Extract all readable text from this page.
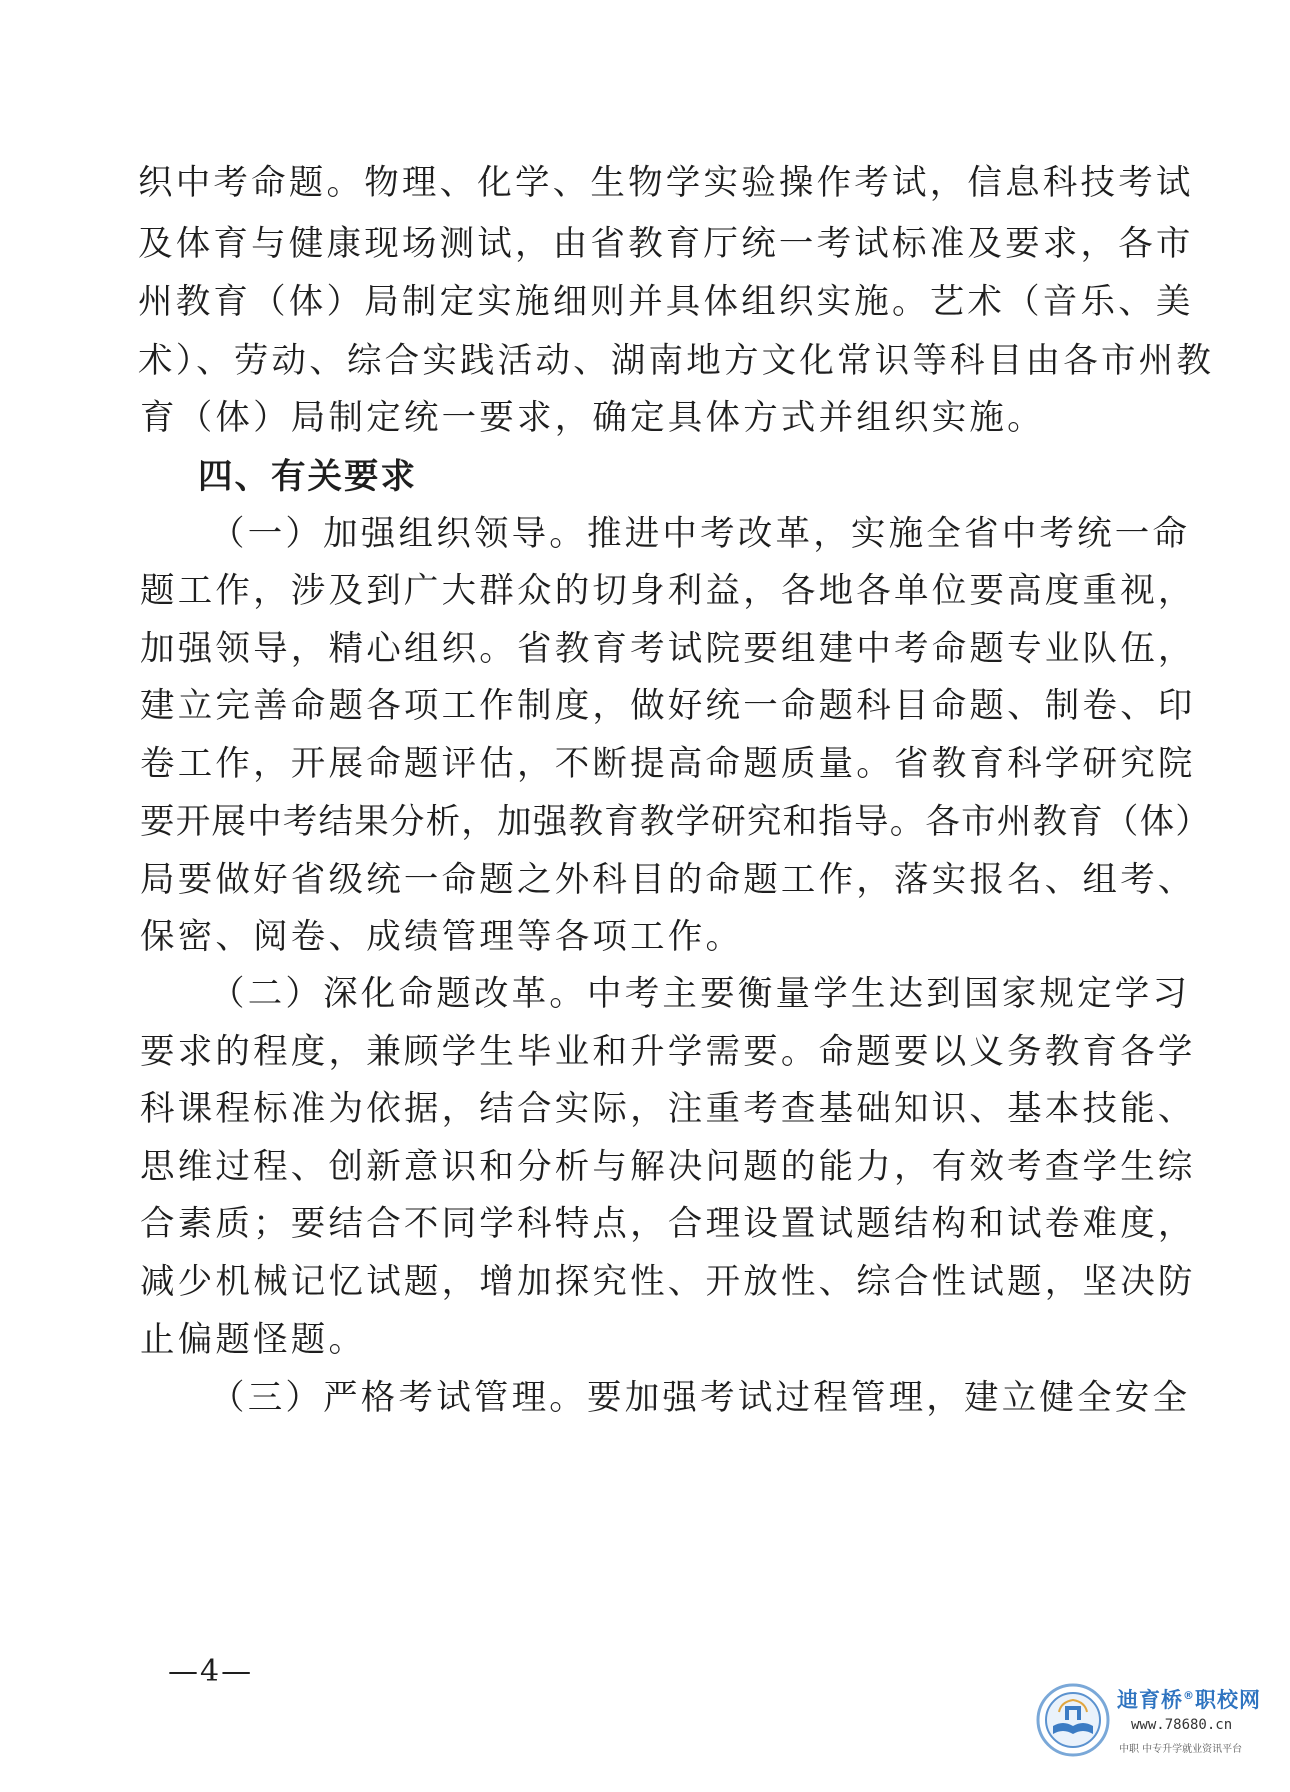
织中考命题。物理、化学、生物学实验操作考试，信息科技考试
及体育与健康现场测试，由省教育厅统一考试标准及要求，各市
州教育（体）局制定实施细则并具体组织实施。艺术（音乐、美
术）、劳动、综合实践活动、湖南地方文化常识等科目由各市州教
育（体）局制定统一要求，确定具体方式并组织实施。
四、有关要求
（一）加强组织领导。推进中考改革，实施全省中考统一命
题工作，涉及到广大群众的切身利益，各地各单位要高度重视，
加强领导，精心组织。省教育考试院要组建中考命题专业队伍，
建立完善命题各项工作制度，做好统一命题科目命题、制卷、印
卷工作，开展命题评估，不断提高命题质量。省教育科学研究院
要开展中考结果分析，加强教育教学研究和指导。各市州教育（体）
局要做好省级统一命题之外科目的命题工作，落实报名、组考、
保密、阅卷、成绩管理等各项工作。
（二）深化命题改革。中考主要衡量学生达到国家规定学习
要求的程度，兼顾学生毕业和升学需要。命题要以义务教育各学
科课程标准为依据，结合实际，注重考查基础知识、基本技能、
思维过程、创新意识和分析与解决问题的能力，有效考查学生综
合素质；要结合不同学科特点，合理设置试题结构和试卷难度，
减少机械记忆试题，增加探究性、开放性、综合性试题，坚决防
止偏题怪题。
（三）严格考试管理。要加强考试过程管理，建立健全安全
—4—
迪育桥®职校网
www.78680.cn
中职 中专升学就业资讯平台
